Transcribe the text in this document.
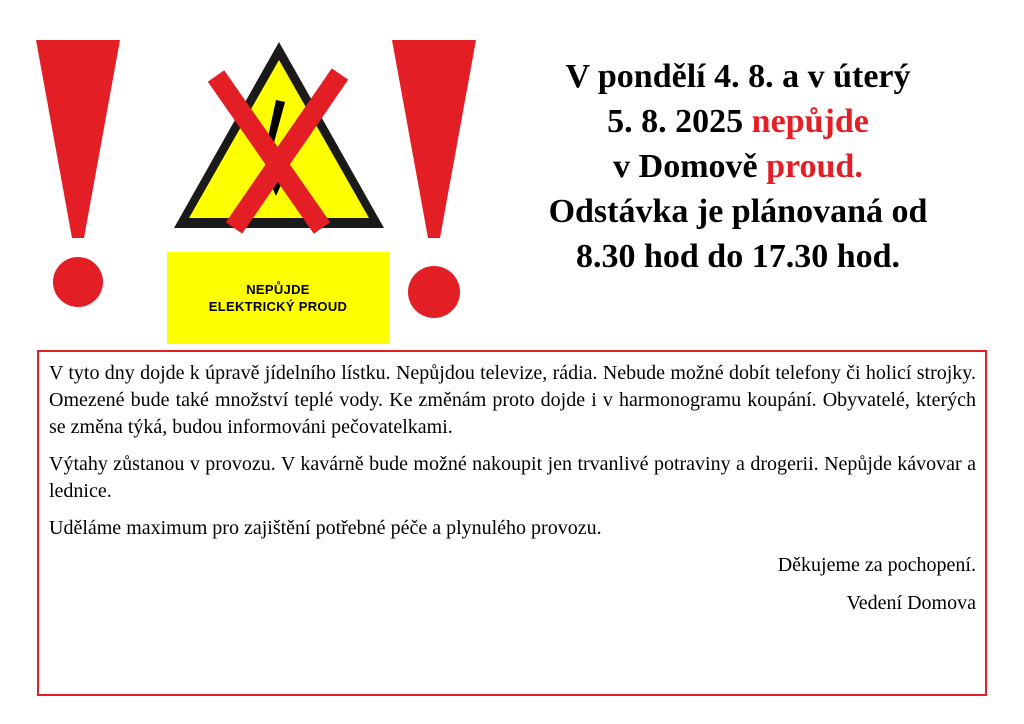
NEPŮJDE
ELEKTRICKÝ PROUD
V pondělí 4. 8. a v úterý
5. 8. 2025 nepůjde
v Domově proud.
Odstávka je plánovaná od
8.30 hod do 17.30 hod.

V tyto dny dojde k úpravě jídelního lístku. Nepůjdou televize, rádia. Nebude možné dobít telefony či holicí strojky. Omezené bude také množství teplé vody. Ke změnám proto dojde i v harmonogramu koupání. Obyvatelé, kterých se změna týká, budou informováni pečovatelkami.

Výtahy zůstanou v provozu. V kavárně bude možné nakoupit jen trvanlivé potraviny a drogerii. Nepůjde kávovar a lednice.

Uděláme maximum pro zajištění potřebné péče a plynulého provozu.

Děkujeme za pochopení.

Vedení Domova
